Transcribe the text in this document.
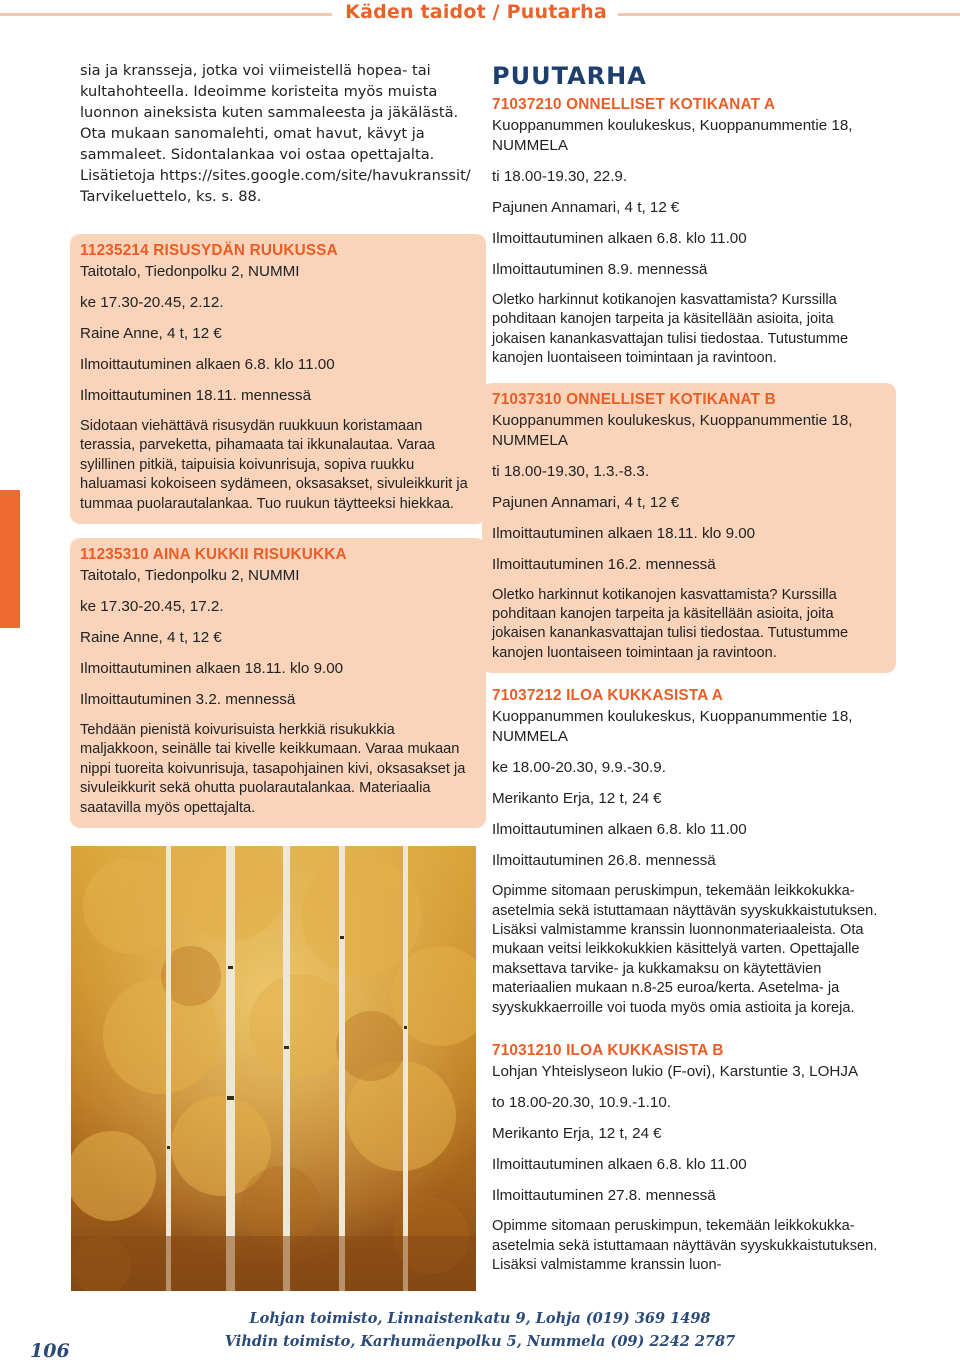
Käden taidot / Puutarha

sia ja kransseja, jotka voi viimeistellä hopea- tai kultahohteella. Ideoimme koristeita myös muista luonnon aineksista kuten sammaleesta ja jäkälästä. Ota mukaan sanomalehti, omat havut, kävyt ja sammaleet. Sidontalankaa voi ostaa opettajalta. Lisätietoja https://sites.google.com/site/havukranssit/ Tarvikeluettelo, ks. s. 88.

11235214 RISUSYDÄN RUUKUSSA
Taitotalo, Tiedonpolku 2, NUMMI
ke 17.30-20.45, 2.12.
Raine Anne, 4 t, 12 €
Ilmoittautuminen alkaen 6.8. klo 11.00
Ilmoittautuminen 18.11. mennessä

Sidotaan viehättävä risusydän ruukkuun koristamaan terassia, parveketta, pihamaata tai ikkunalautaa. Varaa sylillinen pitkiä, taipuisia koivunrisuja, sopiva ruukku haluamasi kokoiseen sydämeen, oksasakset, sivuleikkurit ja tummaa puolarautalankaa. Tuo ruukun täytteeksi hiekkaa.

11235310 AINA KUKKII RISUKUKKA
Taitotalo, Tiedonpolku 2, NUMMI
ke 17.30-20.45, 17.2.
Raine Anne, 4 t, 12 €
Ilmoittautuminen alkaen 18.11. klo 9.00
Ilmoittautuminen 3.2. mennessä

Tehdään pienistä koivurisuista herkkiä risukukkia maljakkoon, seinälle tai kivelle keikkumaan. Varaa mukaan nippi tuoreita koivunrisuja, tasapohjainen kivi, oksasakset ja sivuleikkurit sekä ohutta puolarautalankaa. Materiaalia saatavilla myös opettajalta.

PUUTARHA
71037210 ONNELLISET KOTIKANAT A
Kuoppanummen koulukeskus, Kuoppanummentie 18, NUMMELA
ti 18.00-19.30, 22.9.
Pajunen Annamari, 4 t, 12 €
Ilmoittautuminen alkaen 6.8. klo 11.00
Ilmoittautuminen 8.9. mennessä

Oletko harkinnut kotikanojen kasvattamista? Kurssilla pohditaan kanojen tarpeita ja käsitellään asioita, joita jokaisen kanankasvattajan tulisi tiedostaa. Tutustumme kanojen luontaiseen toimintaan ja ravintoon.

71037310 ONNELLISET KOTIKANAT B
Kuoppanummen koulukeskus, Kuoppanummentie 18, NUMMELA
ti 18.00-19.30, 1.3.-8.3.
Pajunen Annamari, 4 t, 12 €
Ilmoittautuminen alkaen 18.11. klo 9.00
Ilmoittautuminen 16.2. mennessä

Oletko harkinnut kotikanojen kasvattamista? Kurssilla pohditaan kanojen tarpeita ja käsitellään asioita, joita jokaisen kanankasvattajan tulisi tiedostaa. Tutustumme kanojen luontaiseen toimintaan ja ravintoon.

71037212 ILOA KUKKASISTA A
Kuoppanummen koulukeskus, Kuoppanummentie 18, NUMMELA
ke 18.00-20.30, 9.9.-30.9.
Merikanto Erja, 12 t, 24 €
Ilmoittautuminen alkaen 6.8. klo 11.00
Ilmoittautuminen 26.8. mennessä

Opimme sitomaan peruskimpun, tekemään leikkokukka-asetelmia sekä istuttamaan näyttävän syyskukkaistutuksen. Lisäksi valmistamme kranssin luonnonmateriaaleista. Ota mukaan veitsi leikkokukkien käsittelyä varten. Opettajalle maksettava tarvike- ja kukkamaksu on käytettävien materiaalien mukaan n.8-25 euroa/kerta. Asetelma- ja syyskukkaerroille voi tuoda myös omia astioita ja koreja.

71031210 ILOA KUKKASISTA B
Lohjan Yhteislyseon lukio (F-ovi), Karstuntie 3, LOHJA
to 18.00-20.30, 10.9.-1.10.
Merikanto Erja, 12 t, 24 €
Ilmoittautuminen alkaen 6.8. klo 11.00
Ilmoittautuminen 27.8. mennessä

Opimme sitomaan peruskimpun, tekemään leikkokukka-asetelmia sekä istuttamaan näyttävän syyskukkaistutuksen. Lisäksi valmistamme kranssin luon-

Lohjan toimisto, Linnaistenkatu 9, Lohja (019) 369 1498
Vihdin toimisto, Karhumäenpolku 5, Nummela (09) 2242 2787
106
